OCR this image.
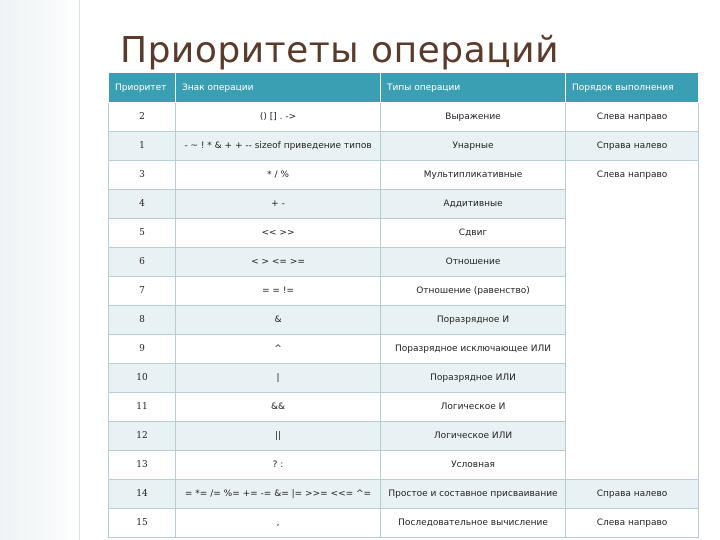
Приоритеты операций
Приоритет	Знак операции	Типы операции	Порядок выполнения
2	() [] . ->	Выражение	Слева направо
1	- ~ ! * & + + -- sizeof приведение типов	Унарные	Справа налево
3	* / %	Мультипликативные	Слева направо
4	+ -	Аддитивные	
5	<< >>	Сдвиг	
6	< > <= >=	Отношение	
7	= = !=	Отношение (равенство)	
8	&	Поразрядное И	
9	^	Поразрядное исключающее ИЛИ	
10	|	Поразрядное ИЛИ	
11	&&	Логическое И	
12	||	Логическое ИЛИ	
13	? :	Условная	
14	= *= /= %= += -= &= |= >>= <<= ^=	Простое и составное присваивание	Справа налево
15	,	Последовательное вычисление	Слева направо
